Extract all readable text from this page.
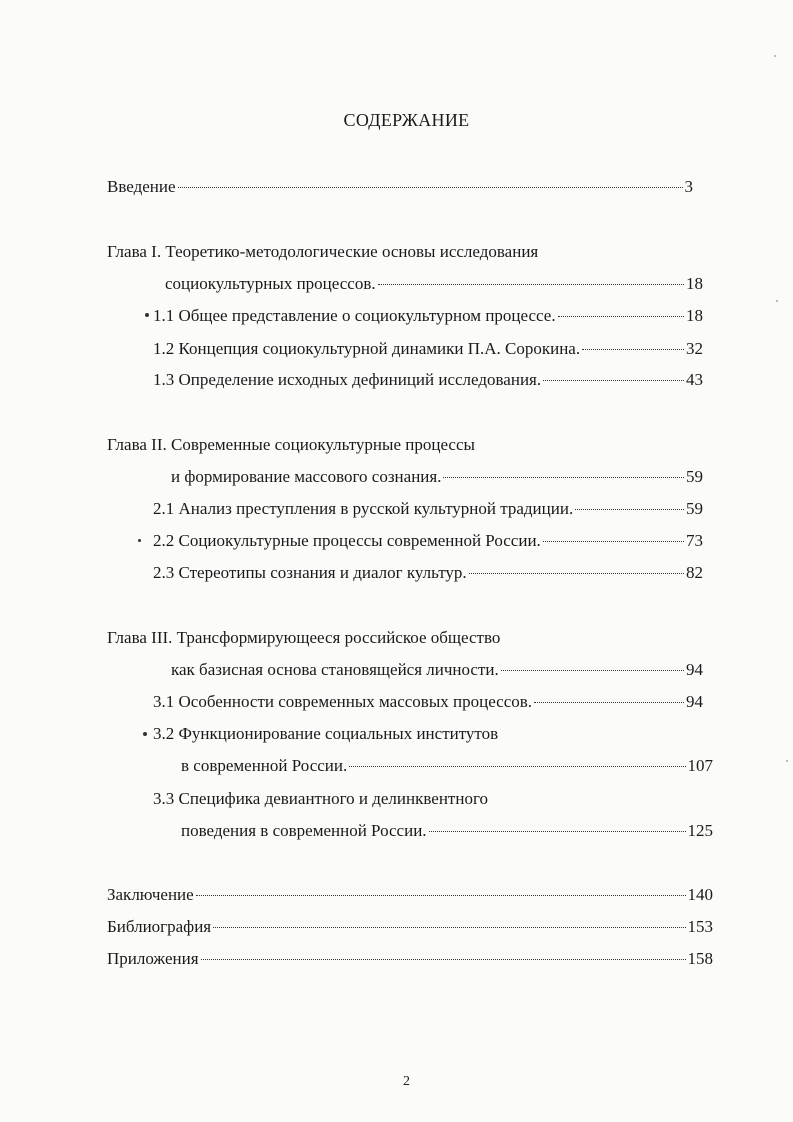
СОДЕРЖАНИЕ
Введение	3
Глава I. Теоретико-методологические основы исследования
социокультурных процессов.	18
1.1 Общее представление о социокультурном процессе.	18
1.2 Концепция социокультурной динамики П.А. Сорокина.	32
1.3 Определение исходных дефиниций исследования.	43
Глава II. Современные социокультурные процессы
и формирование массового сознания.	59
2.1 Анализ преступления в русской культурной традиции.	59
2.2 Социокультурные процессы современной России.	73
2.3 Стереотипы сознания и диалог культур.	82
Глава III. Трансформирующееся российское общество
как базисная основа становящейся личности.	94
3.1 Особенности современных массовых процессов.	94
3.2 Функционирование социальных институтов
в современной России.	107
3.3 Специфика девиантного и делинквентного
поведения в современной России.	125
Заключение	140
Библиография	153
Приложения	158
2
